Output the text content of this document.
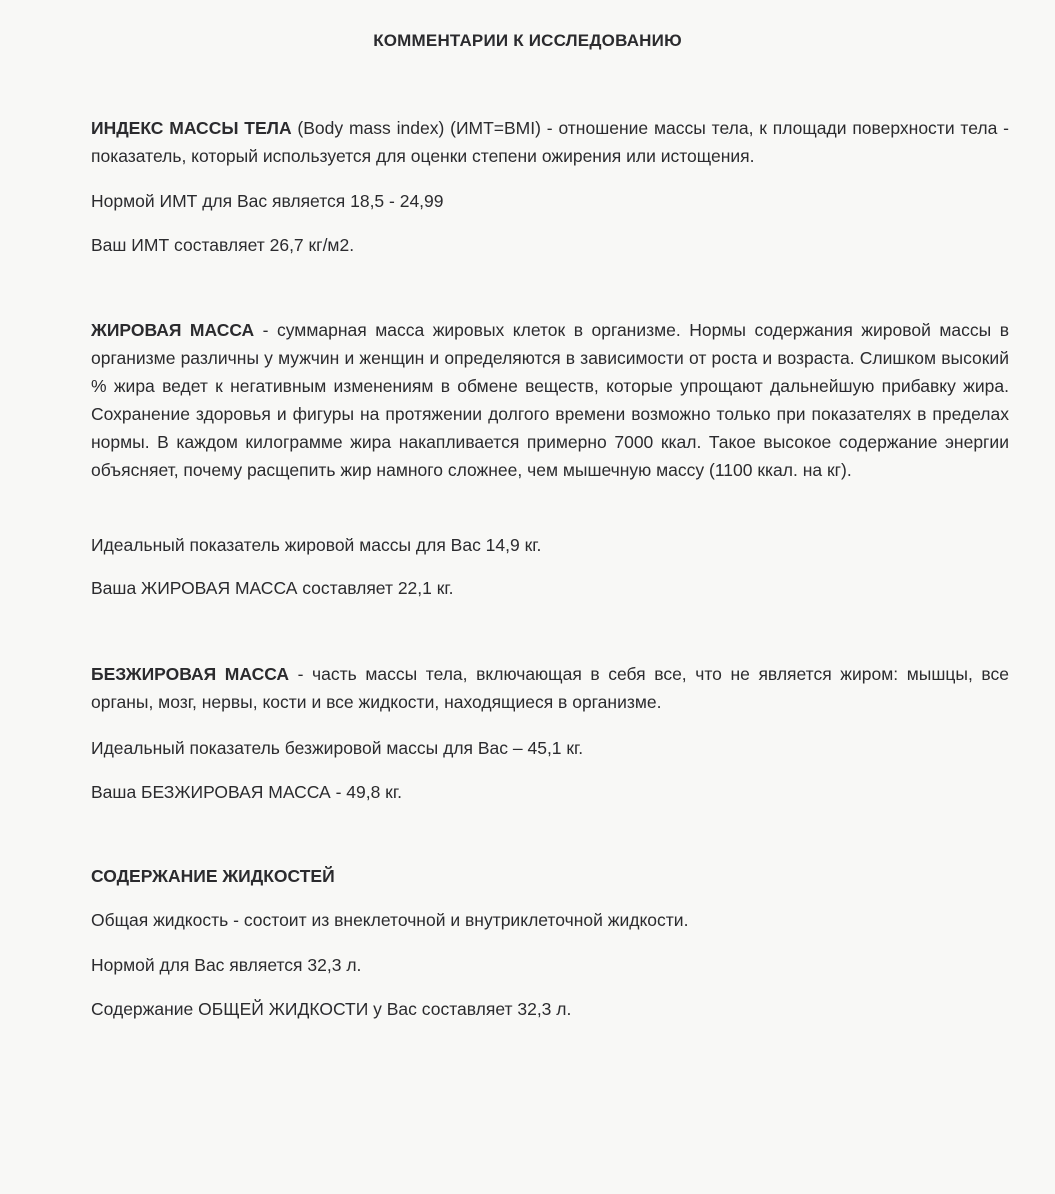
КОММЕНТАРИИ К ИССЛЕДОВАНИЮ

ИНДЕКС МАССЫ ТЕЛА (Body mass index) (ИМТ=BMI) - отношение массы тела, к площади поверхности тела - показатель, который используется для оценки степени ожирения или истощения.

Нормой ИМТ для Вас является 18,5 - 24,99
Ваш ИМТ составляет 26,7 кг/м2.

ЖИРОВАЯ МАССА - суммарная масса жировых клеток в организме. Нормы содержания жировой массы в организме различны у мужчин и женщин и определяются в зависимости от роста и возраста. Слишком высокий % жира ведет к негативным изменениям в обмене веществ, которые упрощают дальнейшую прибавку жира. Сохранение здоровья и фигуры на протяжении долгого времени возможно только при показателях в пределах нормы. В каждом килограмме жира накапливается примерно 7000 ккал. Такое высокое содержание энергии объясняет, почему расщепить жир намного сложнее, чем мышечную массу (1100 ккал. на кг).

Идеальный показатель жировой массы для Вас 14,9 кг.
Ваша ЖИРОВАЯ МАССА составляет 22,1 кг.

БЕЗЖИРОВАЯ МАССА - часть массы тела, включающая в себя все, что не является жиром: мышцы, все органы, мозг, нервы, кости и все жидкости, находящиеся в организме.

Идеальный показатель безжировой массы для Вас – 45,1 кг.
Ваша БЕЗЖИРОВАЯ МАССА - 49,8 кг.
СОДЕРЖАНИЕ ЖИДКОСТЕЙ
Общая жидкость - состоит из внеклеточной и внутриклеточной жидкости.
Нормой для Вас является 32,3 л.
Содержание ОБЩЕЙ ЖИДКОСТИ у Вас составляет 32,3 л.
